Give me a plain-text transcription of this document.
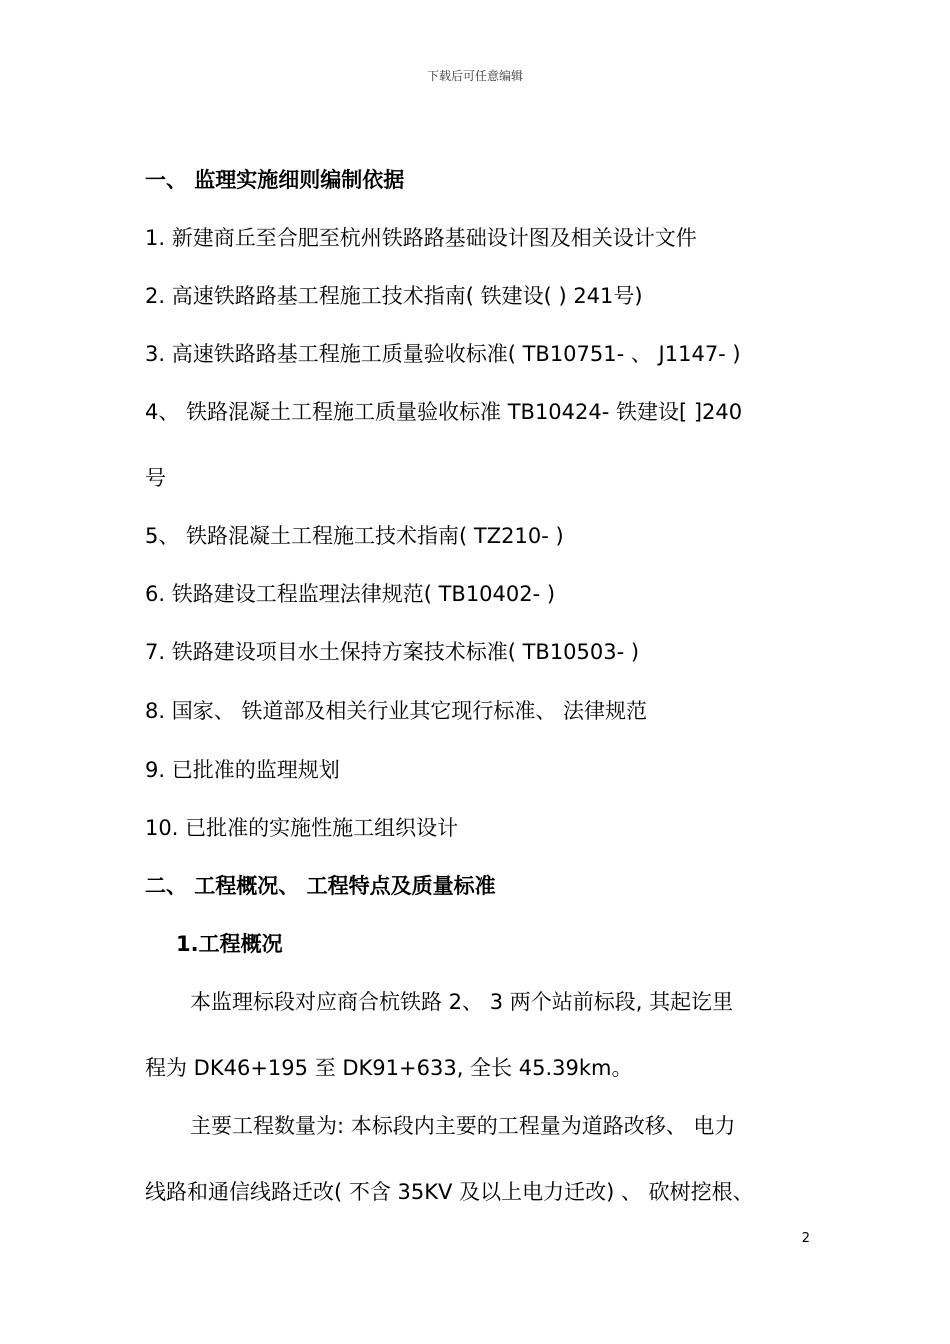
下载后可任意编辑
一、 监理实施细则编制依据
1. 新建商丘至合肥至杭州铁路路基础设计图及相关设计文件
2. 高速铁路路基工程施工技术指南( 铁建设( ) 241号)
3. 高速铁路路基工程施工质量验收标准( TB10751- 、 J1147- )
4、 铁路混凝土工程施工质量验收标准 TB10424- 铁建设[ ]240
号
5、 铁路混凝土工程施工技术指南( TZ210- )
6. 铁路建设工程监理法律规范( TB10402- )
7. 铁路建设项目水土保持方案技术标准( TB10503- )
8. 国家、 铁道部及相关行业其它现行标准、 法律规范
9. 已批准的监理规划
10. 已批准的实施性施工组织设计
二、 工程概况、 工程特点及质量标准
1.工程概况
本监理标段对应商合杭铁路 2、 3 两个站前标段, 其起讫里
程为 DK46+195 至 DK91+633, 全长 45.39km。
主要工程数量为: 本标段内主要的工程量为道路改移、 电力
线路和通信线路迁改( 不含 35KV 及以上电力迁改) 、 砍树挖根、
2
